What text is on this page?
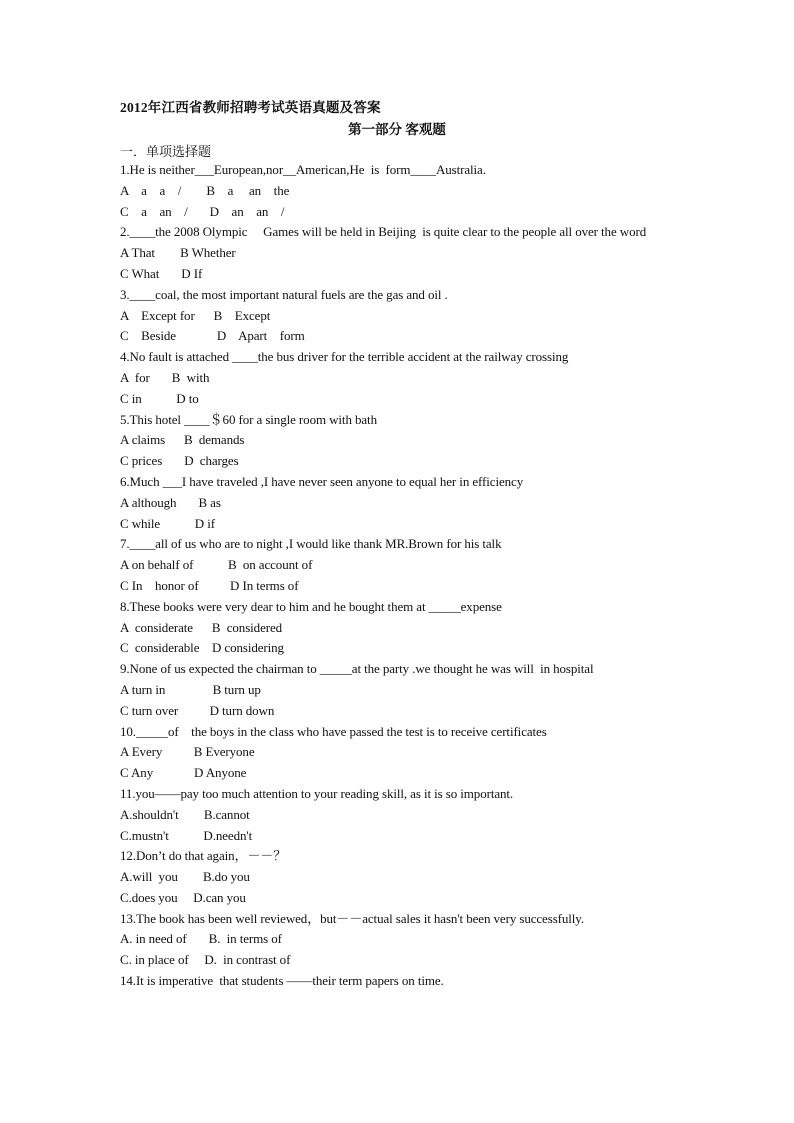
2012年江西省教师招聘考试英语真题及答案
第一部分 客观题
一．单项选择题
1.He is neither___European,nor__American,He  is  form____Australia.
A    a    a    /        B    a     an    the
C    a    an    /       D    an    an    /
2.____the 2008 Olympic     Games will be held in Beijing  is quite clear to the people all over the word
A That        B Whether
C What       D If
3.____coal, the most important natural fuels are the gas and oil .
A    Except for      B    Except
C    Beside             D    Apart    form
4.No fault is attached ____the bus driver for the terrible accident at the railway crossing
A  for       B  with
C in           D to
5.This hotel ____＄60 for a single room with bath
A claims      B  demands
C prices       D  charges
6.Much ___I have traveled ,I have never seen anyone to equal her in efficiency
A although       B as
C while           D if
7.____all of us who are to night ,I would like thank MR.Brown for his talk
A on behalf of           B  on account of
C In    honor of          D In terms of
8.These books were very dear to him and he bought them at _____expense
A  considerate      B  considered
C  considerable    D considering
9.None of us expected the chairman to _____at the party .we thought he was will  in hospital
A turn in               B turn up
C turn over          D turn down
10._____of    the boys in the class who have passed the test is to receive certificates
A Every          B Everyone
C Any             D Anyone
11.you——pay too much attention to your reading skill, as it is so important.
A.shouldn't        B.cannot
C.mustn't           D.needn't
12.Don’t do that again，－－？
A.will  you        B.do you
C.does you     D.can you
13.The book has been well reviewed，but－－actual sales it hasn't been very successfully.
A. in need of       B.  in terms of
C. in place of     D.  in contrast of
14.It is imperative  that students ——their term papers on time.
